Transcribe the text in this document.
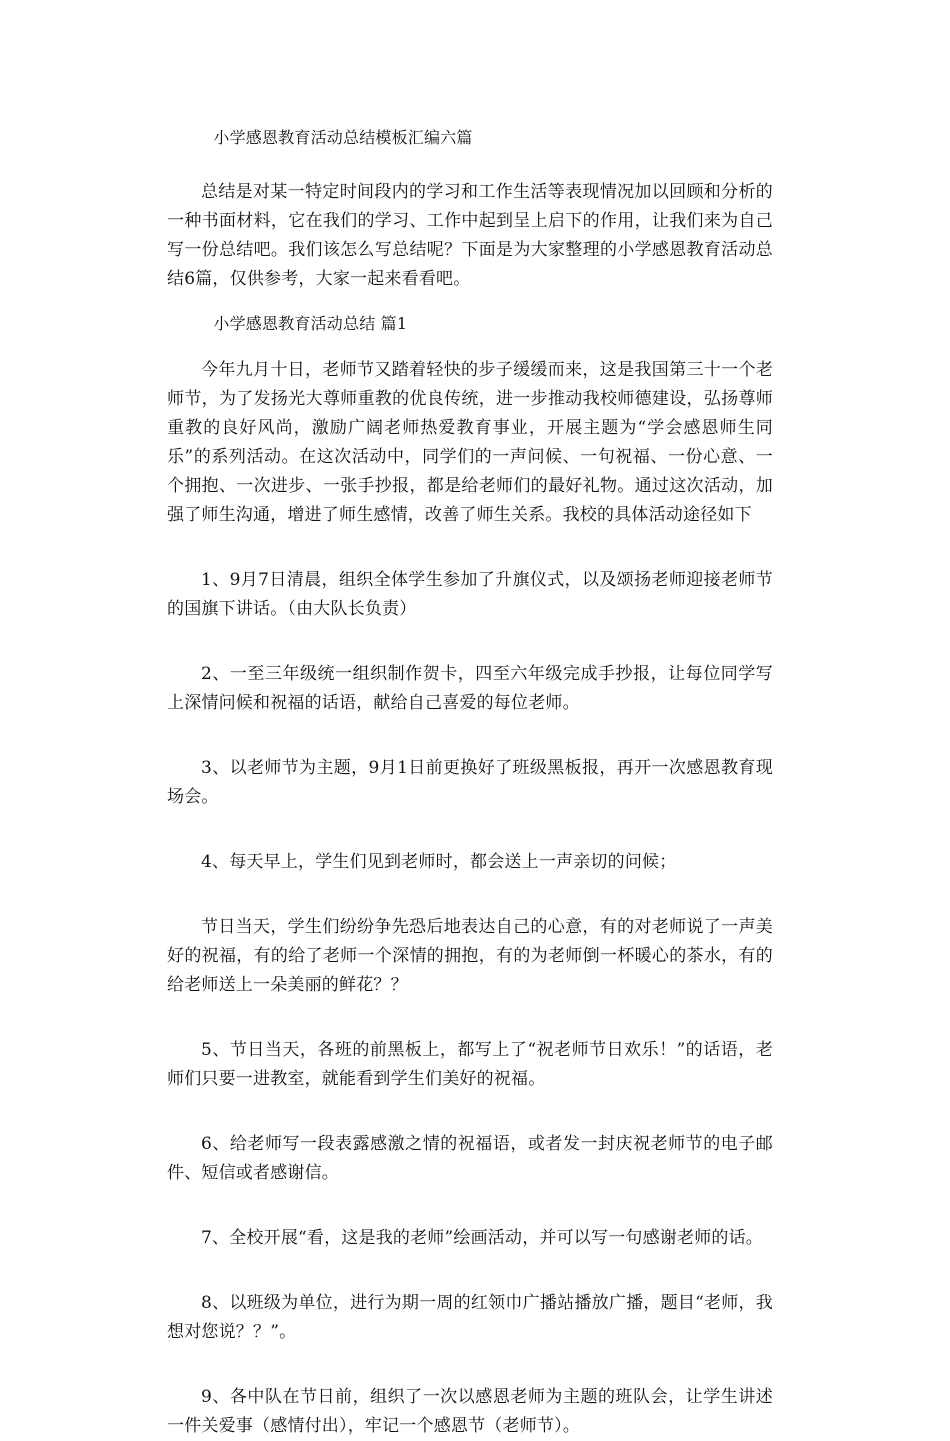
小学感恩教育活动总结模板汇编六篇

总结是对某一特定时间段内的学习和工作生活等表现情况加以回顾和分析的一种书面材料，它在我们的学习、工作中起到呈上启下的作用，让我们来为自己写一份总结吧。我们该怎么写总结呢？下面是为大家整理的小学感恩教育活动总结6篇，仅供参考，大家一起来看看吧。

小学感恩教育活动总结 篇1

今年九月十日，老师节又踏着轻快的步子缓缓而来，这是我国第三十一个老师节，为了发扬光大尊师重教的优良传统，进一步推动我校师德建设，弘扬尊师重教的良好风尚，激励广阔老师热爱教育事业，开展主题为“学会感恩师生同乐”的系列活动。在这次活动中，同学们的一声问候、一句祝福、一份心意、一个拥抱、一次进步、一张手抄报，都是给老师们的最好礼物。通过这次活动，加强了师生沟通，增进了师生感情，改善了师生关系。我校的具体活动途径如下

1、9月7日清晨，组织全体学生参加了升旗仪式，以及颂扬老师迎接老师节的国旗下讲话。（由大队长负责）

2、一至三年级统一组织制作贺卡，四至六年级完成手抄报，让每位同学写上深情问候和祝福的话语，献给自己喜爱的每位老师。

3、以老师节为主题，9月1日前更换好了班级黑板报，再开一次感恩教育现场会。

4、每天早上，学生们见到老师时，都会送上一声亲切的问候；

节日当天，学生们纷纷争先恐后地表达自己的心意，有的对老师说了一声美好的祝福，有的给了老师一个深情的拥抱，有的为老师倒一杯暖心的茶水，有的给老师送上一朵美丽的鲜花？？

5、节日当天，各班的前黑板上，都写上了“祝老师节日欢乐！”的话语，老师们只要一进教室，就能看到学生们美好的祝福。

6、给老师写一段表露感激之情的祝福语，或者发一封庆祝老师节的电子邮件、短信或者感谢信。

7、全校开展“看，这是我的老师”绘画活动，并可以写一句感谢老师的话。

8、以班级为单位，进行为期一周的红领巾广播站播放广播，题目“老师，我想对您说？？”。

9、各中队在节日前，组织了一次以感恩老师为主题的班队会，让学生讲述一件关爱事（感情付出），牢记一个感恩节（老师节）。
